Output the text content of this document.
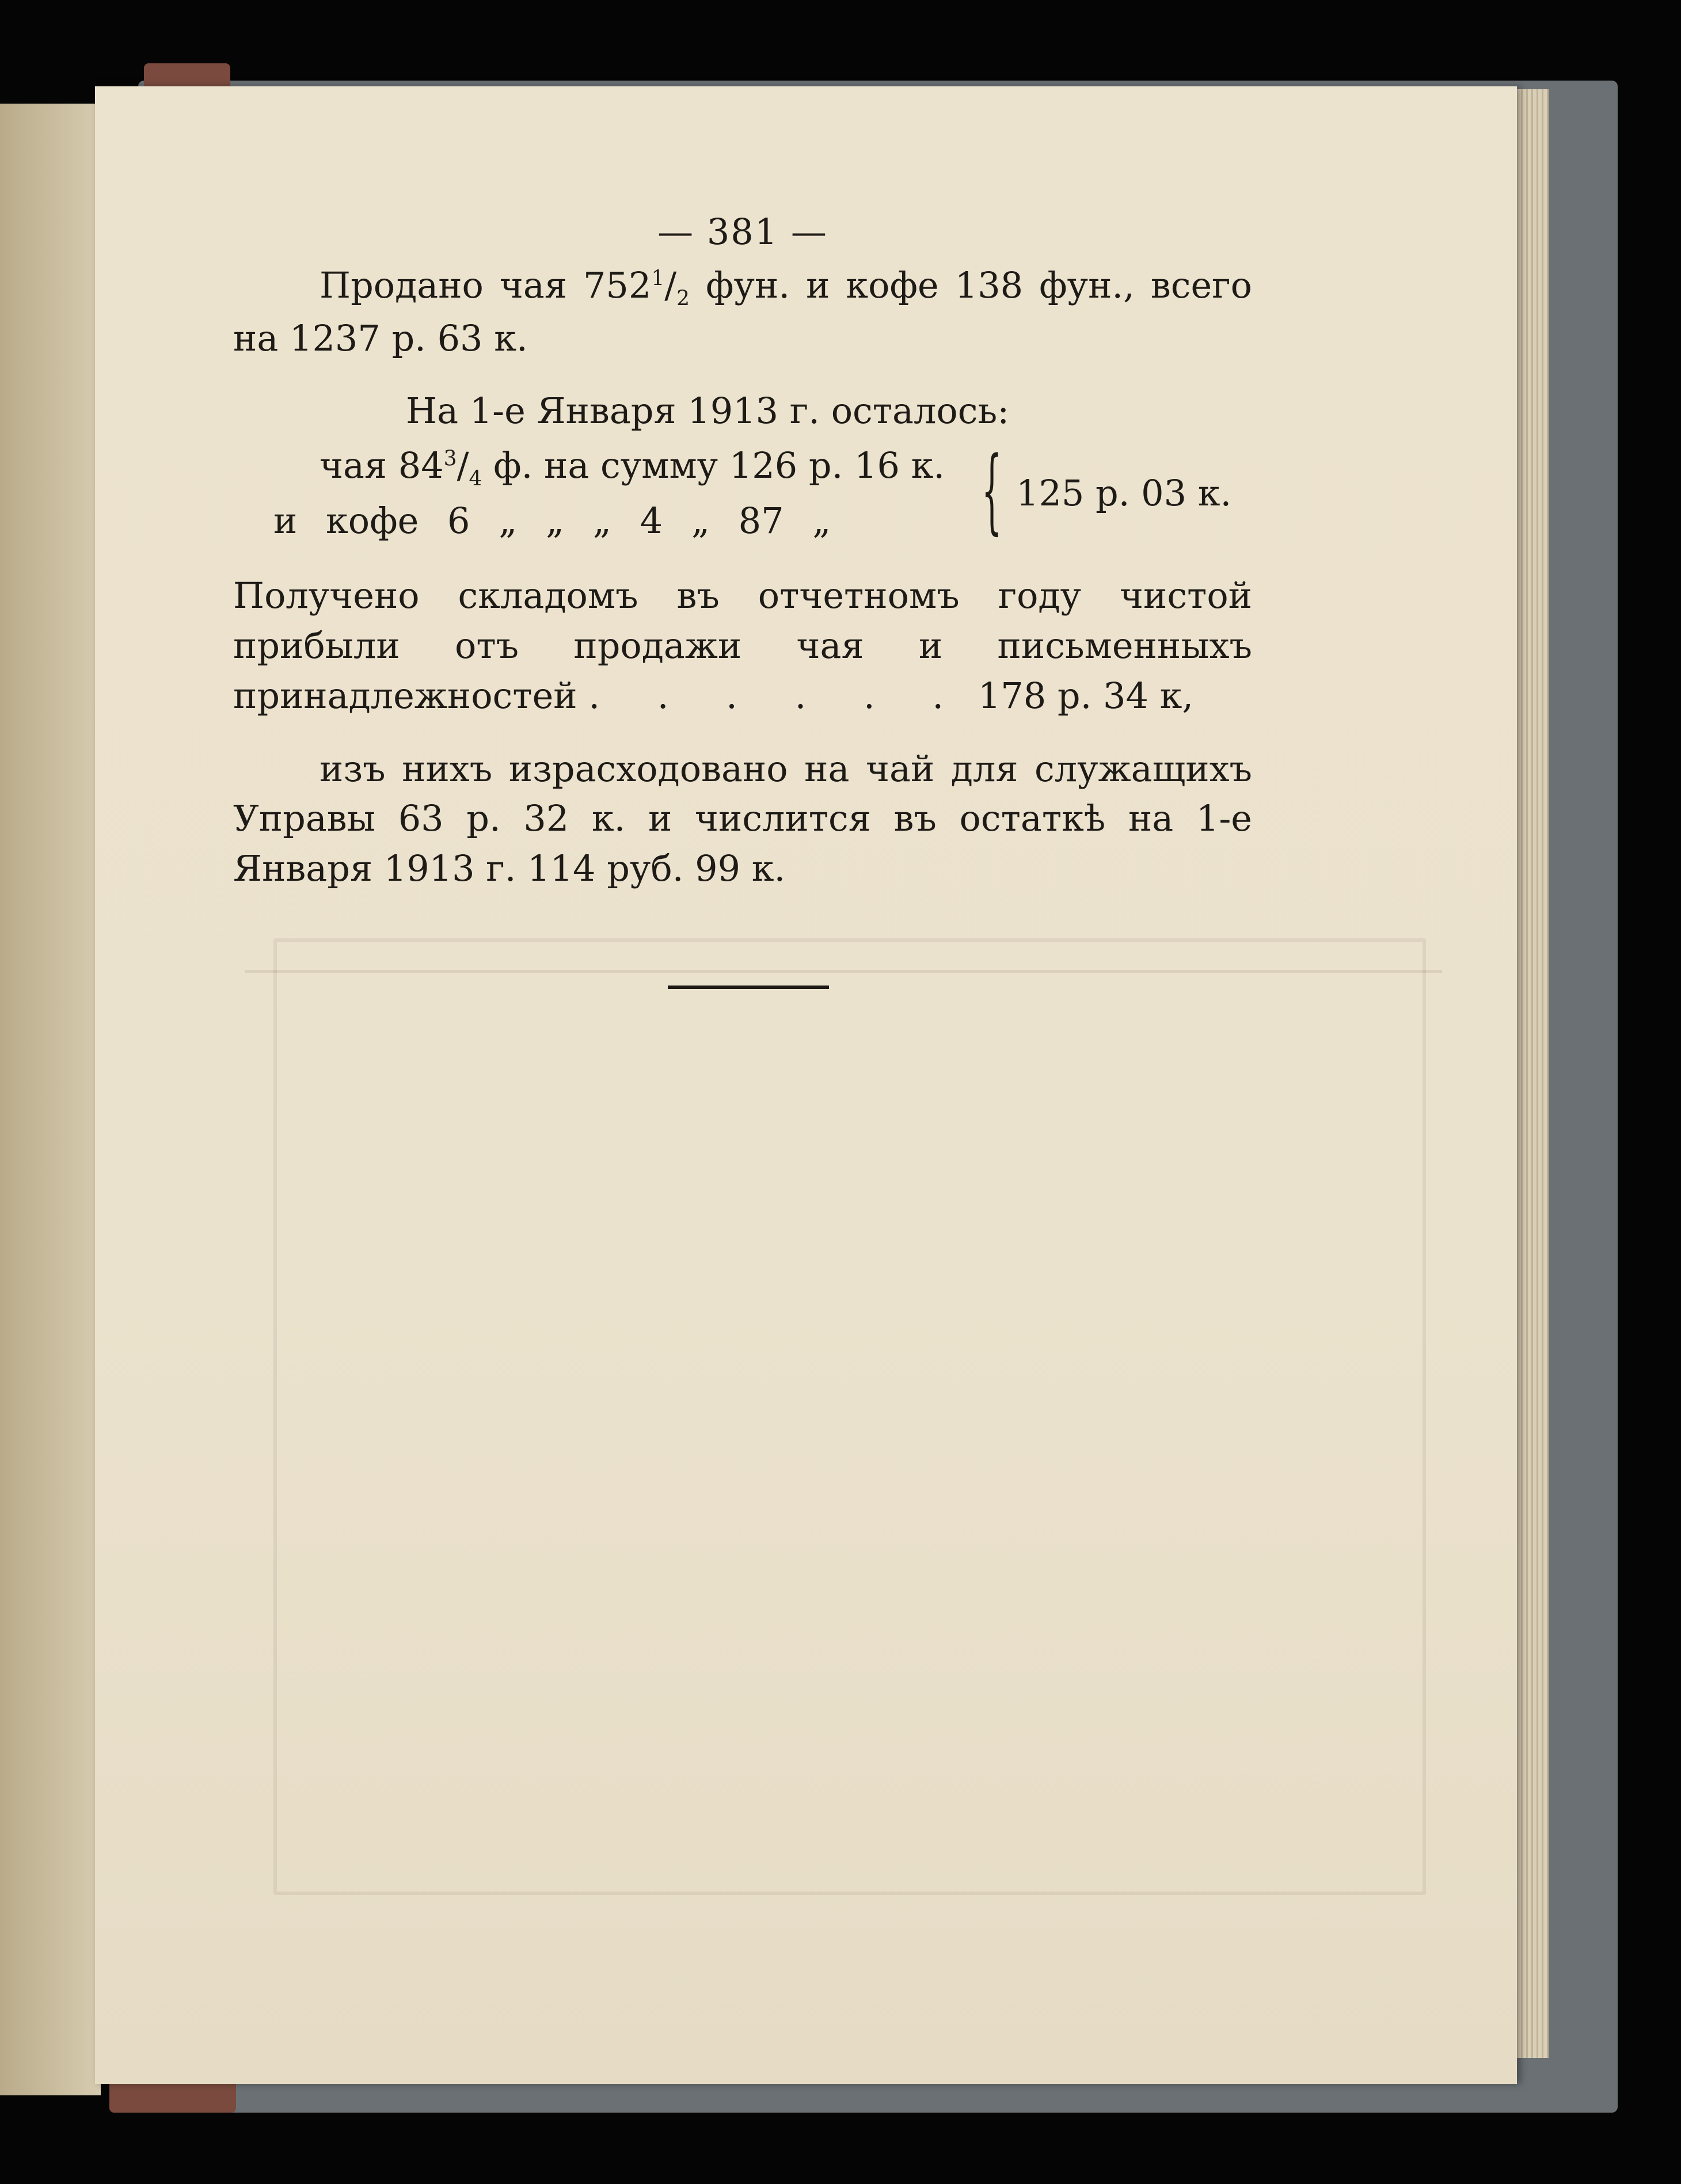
— 381 —

Продано чая $752^1/_2$ фун. и кофе 138 фун., всего на 1237 р. 63 к.

На 1-е Января 1913 г. осталось:

чая $84^3/_4$ ф. на сумму 126 р. 16 к.
и кофе 6 „ „ „ 4 „ 87 „ { 125 р. 03 к.

Получено складомъ въ отчетномъ году чистой прибыли отъ продажи чая и письменныхъ принадлежностей . . . . . . 178 р. 34 к,

изъ нихъ израсходовано на чай для служащихъ Управы 63 р. 32 к. и числится въ остаткѣ на 1-е Января 1913 г. 114 руб. 99 к.
